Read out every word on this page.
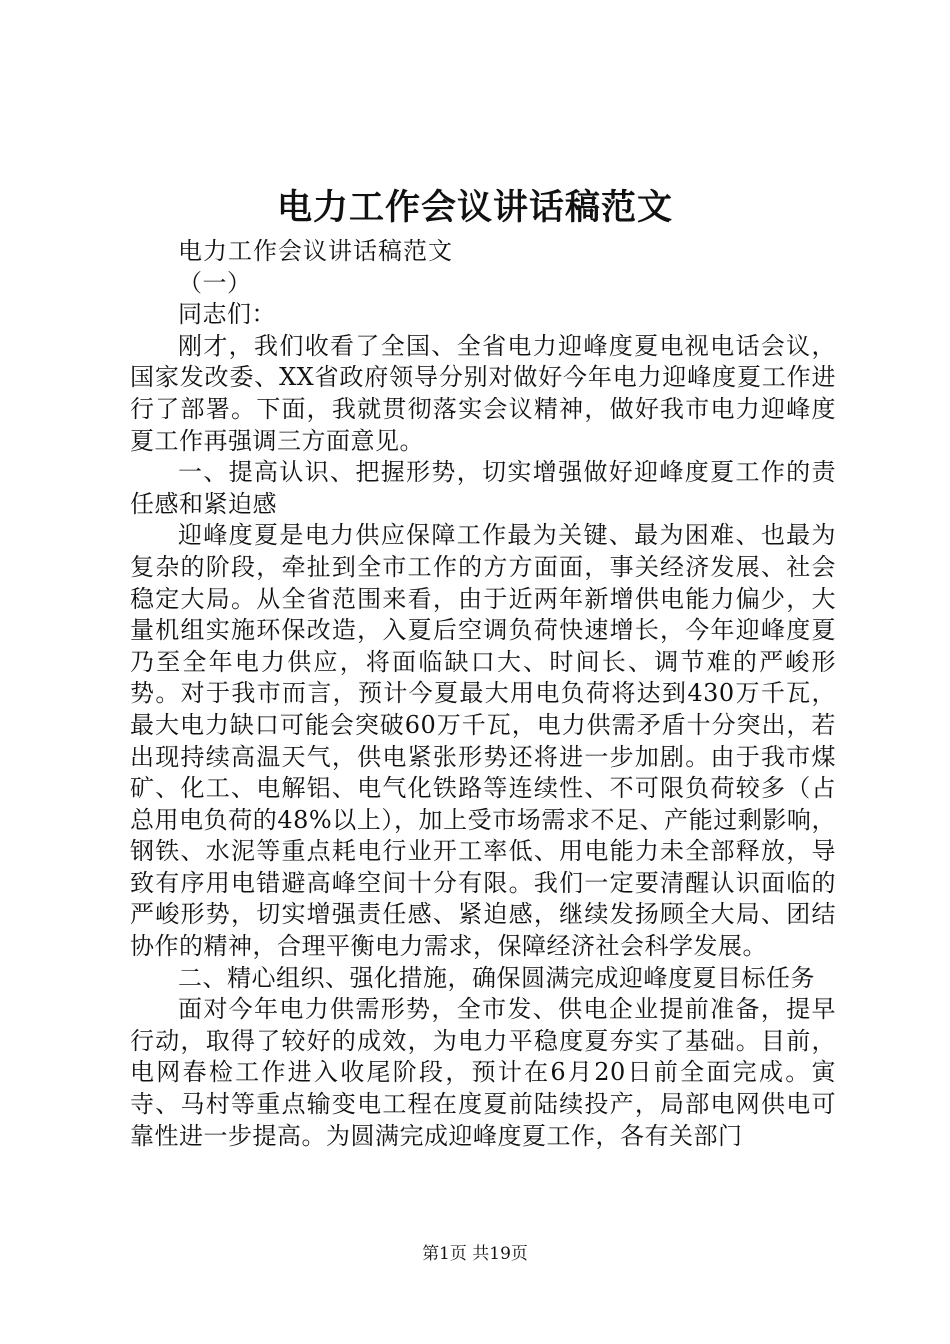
电力工作会议讲话稿范文

电力工作会议讲话稿范文

（一）

同志们：

刚才，我们收看了全国、全省电力迎峰度夏电视电话会议，国家发改委、XX省政府领导分别对做好今年电力迎峰度夏工作进行了部署。下面，我就贯彻落实会议精神，做好我市电力迎峰度夏工作再强调三方面意见。

一、提高认识、把握形势，切实增强做好迎峰度夏工作的责任感和紧迫感

迎峰度夏是电力供应保障工作最为关键、最为困难、也最为复杂的阶段，牵扯到全市工作的方方面面，事关经济发展、社会稳定大局。从全省范围来看，由于近两年新增供电能力偏少，大量机组实施环保改造，入夏后空调负荷快速增长，今年迎峰度夏乃至全年电力供应，将面临缺口大、时间长、调节难的严峻形势。对于我市而言，预计今夏最大用电负荷将达到430万千瓦，最大电力缺口可能会突破60万千瓦，电力供需矛盾十分突出，若出现持续高温天气，供电紧张形势还将进一步加剧。由于我市煤矿、化工、电解铝、电气化铁路等连续性、不可限负荷较多（占总用电负荷的48%以上），加上受市场需求不足、产能过剩影响，钢铁、水泥等重点耗电行业开工率低、用电能力未全部释放，导致有序用电错避高峰空间十分有限。我们一定要清醒认识面临的严峻形势，切实增强责任感、紧迫感，继续发扬顾全大局、团结协作的精神，合理平衡电力需求，保障经济社会科学发展。

二、精心组织、强化措施，确保圆满完成迎峰度夏目标任务

面对今年电力供需形势，全市发、供电企业提前准备，提早行动，取得了较好的成效，为电力平稳度夏夯实了基础。目前，电网春检工作进入收尾阶段，预计在6月20日前全面完成。寅寺、马村等重点输变电工程在度夏前陆续投产，局部电网供电可靠性进一步提高。为圆满完成迎峰度夏工作，各有关部门

第1页 共19页
